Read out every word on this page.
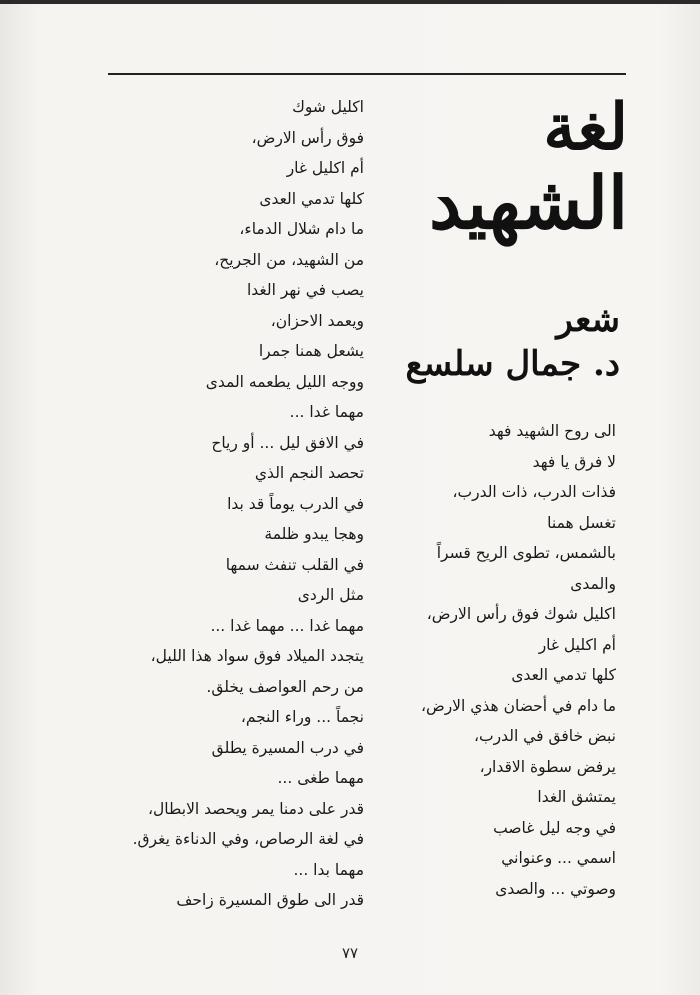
لغة
الشهيد
شعر
د. جمال سلسع
اكليل شوك
فوق رأس الارض،
أم اكليل غار
كلها تدمي العدى
ما دام شلال الدماء،
من الشهيد، من الجريح،
يصب في نهر الغدا
ويعمد الاحزان،
يشعل همنا جمرا
ووجه الليل يطعمه المدى
مهما غدا ...
في الافق ليل ... أو رياح
تحصد النجم الذي
في الدرب يوماً قد بدا
وهجا يبدو ظلمة
في القلب تنفث سمها
مثل الردى
مهما غدا ... مهما غدا ...
يتجدد الميلاد فوق سواد هذا الليل،
من رحم العواصف يخلق.
نجماً ... وراء النجم،
في درب المسيرة يطلق
مهما طغى ...
قدر على دمنا يمر ويحصد الابطال،
في لغة الرصاص، وفي الدناءة يغرق.
مهما بدا ...
قدر الى طوق المسيرة زاحف
الى روح الشهيد فهد
لا فرق يا فهد
فذات الدرب، ذات الدرب،
تغسل همنا
بالشمس، تطوى الريح قسراً
والمدى
اكليل شوك فوق رأس الارض،
أم اكليل غار
كلها تدمي العدى
ما دام في أحضان هذي الارض،
نبض خافق في الدرب،
يرفض سطوة الاقدار،
يمتشق الغدا
في وجه ليل غاصب
اسمي ... وعنواني
وصوتي ... والصدى
٧٧
